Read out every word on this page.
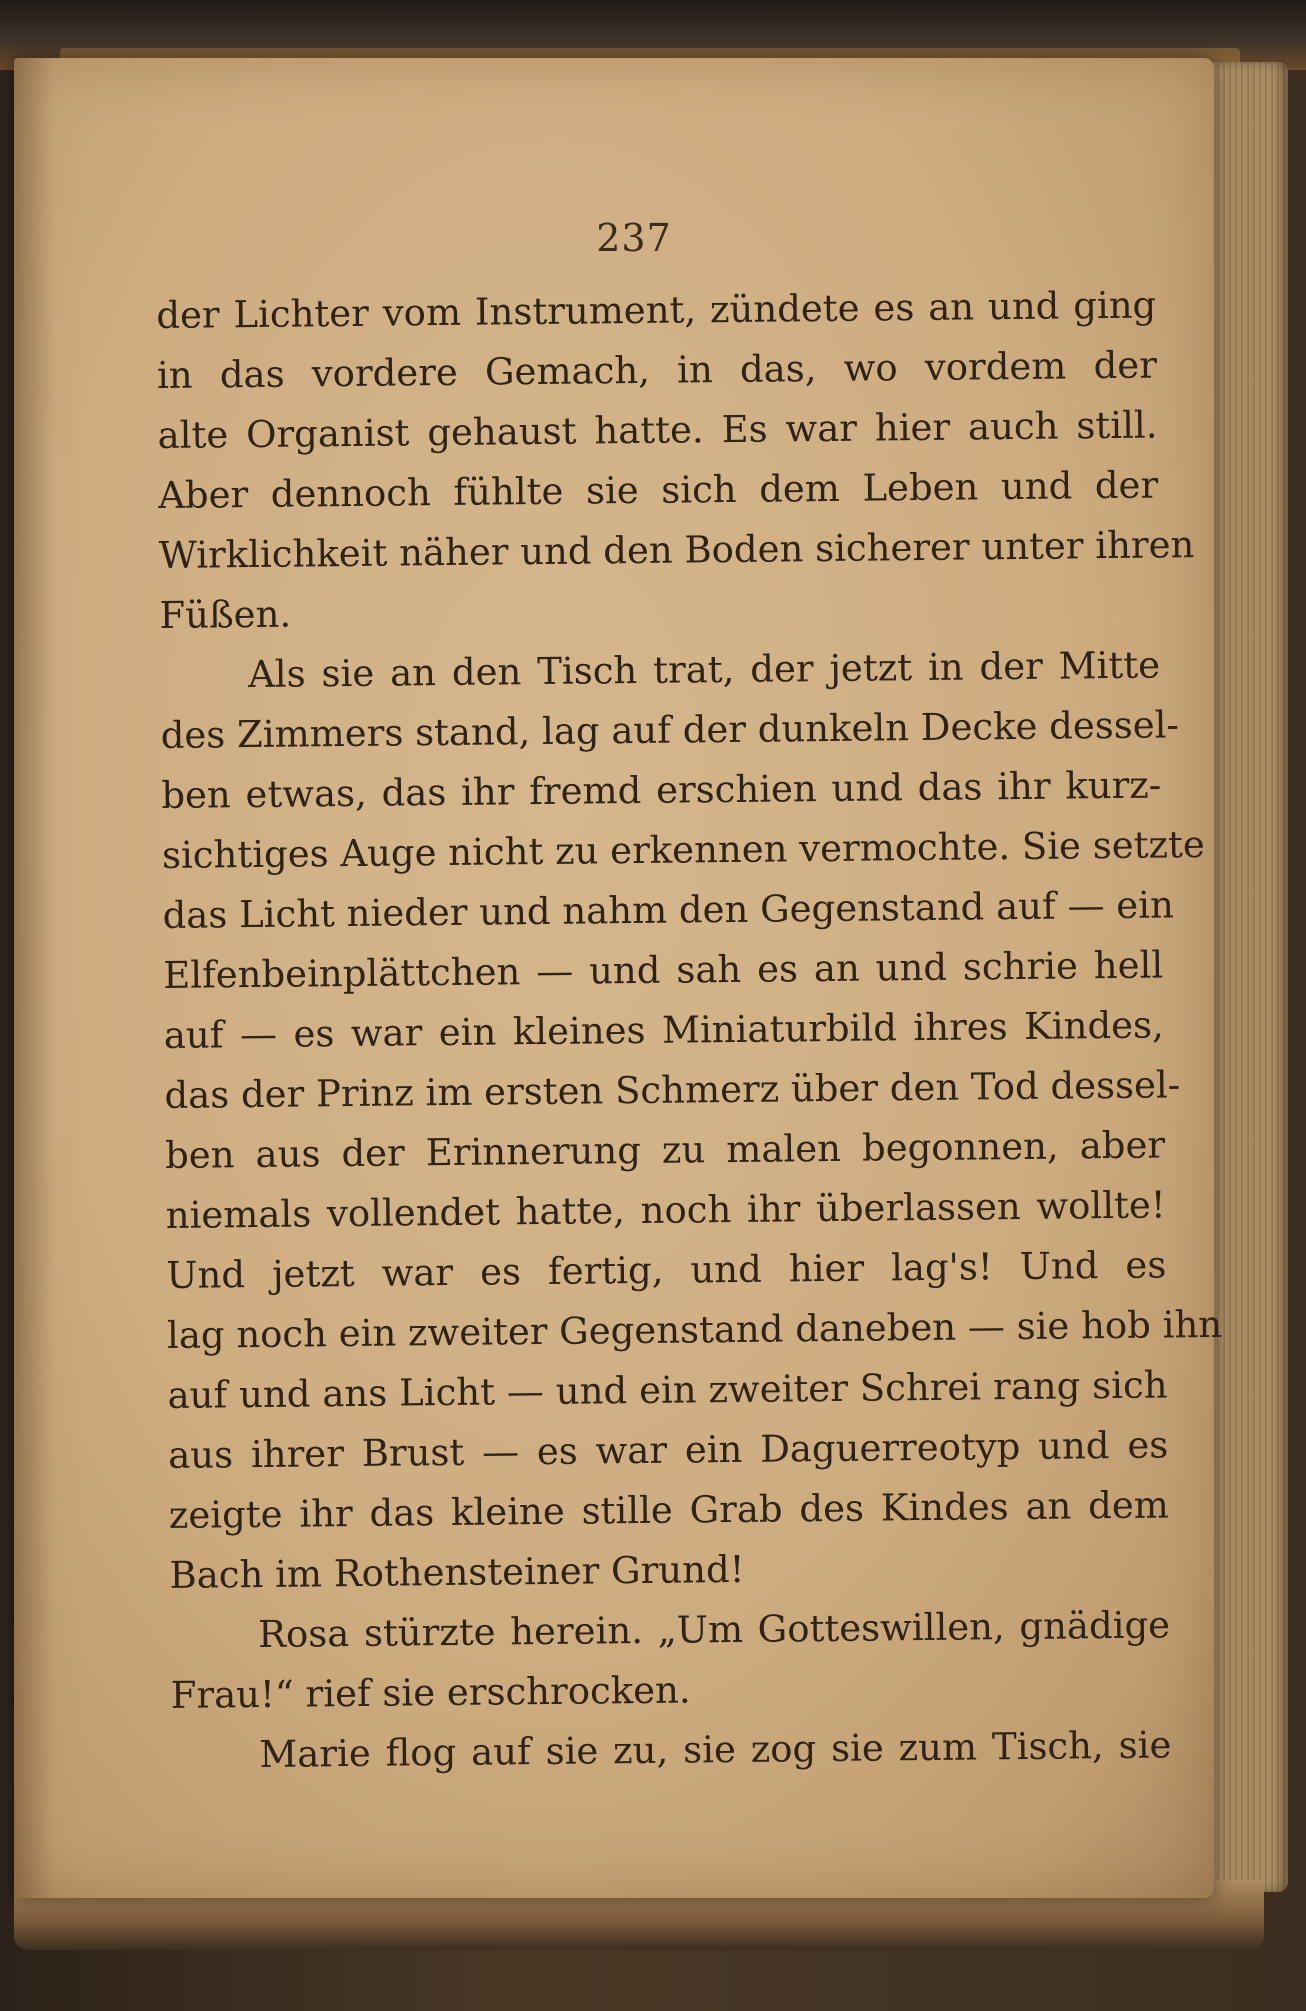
237
der Lichter vom Instrument, zündete es an und ging
in das vordere Gemach, in das, wo vordem der
alte Organist gehaust hatte. Es war hier auch still.
Aber dennoch fühlte sie sich dem Leben und der
Wirklichkeit näher und den Boden sicherer unter ihren
Füßen.
Als sie an den Tisch trat, der jetzt in der Mitte
des Zimmers stand, lag auf der dunkeln Decke dessel-
ben etwas, das ihr fremd erschien und das ihr kurz-
sichtiges Auge nicht zu erkennen vermochte. Sie setzte
das Licht nieder und nahm den Gegenstand auf — ein
Elfenbeinplättchen — und sah es an und schrie hell
auf — es war ein kleines Miniaturbild ihres Kindes,
das der Prinz im ersten Schmerz über den Tod dessel-
ben aus der Erinnerung zu malen begonnen, aber
niemals vollendet hatte, noch ihr überlassen wollte!
Und jetzt war es fertig, und hier lag's! Und es
lag noch ein zweiter Gegenstand daneben — sie hob ihn
auf und ans Licht — und ein zweiter Schrei rang sich
aus ihrer Brust — es war ein Daguerreotyp und es
zeigte ihr das kleine stille Grab des Kindes an dem
Bach im Rothensteiner Grund!
Rosa stürzte herein. „Um Gotteswillen, gnädige
Frau!“ rief sie erschrocken.
Marie flog auf sie zu, sie zog sie zum Tisch, sie
